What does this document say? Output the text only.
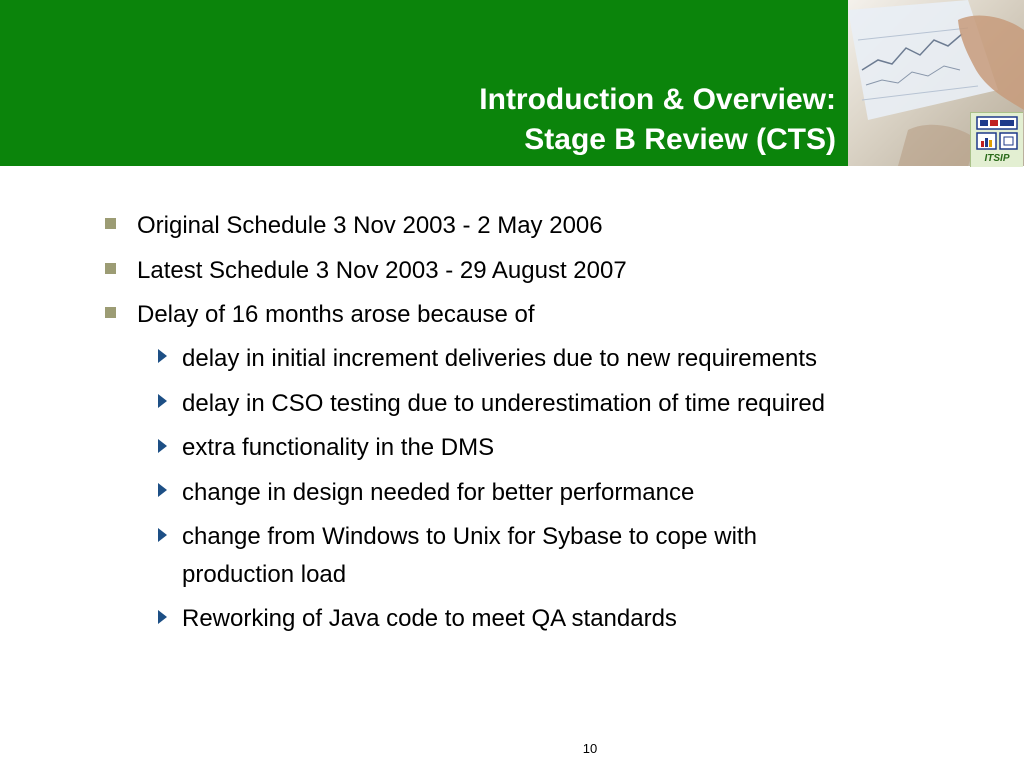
Introduction & Overview:
Stage B Review (CTS)
ITSIP
Original Schedule 3 Nov 2003 - 2 May 2006
Latest Schedule 3 Nov 2003 - 29 August 2007
Delay of 16 months arose because of
delay in initial increment deliveries due to new requirements
delay in CSO testing due to underestimation of time required
extra functionality in the DMS
change in design needed for better performance
change from Windows to Unix for Sybase to cope with
production load
Reworking of Java code to meet QA standards
10
